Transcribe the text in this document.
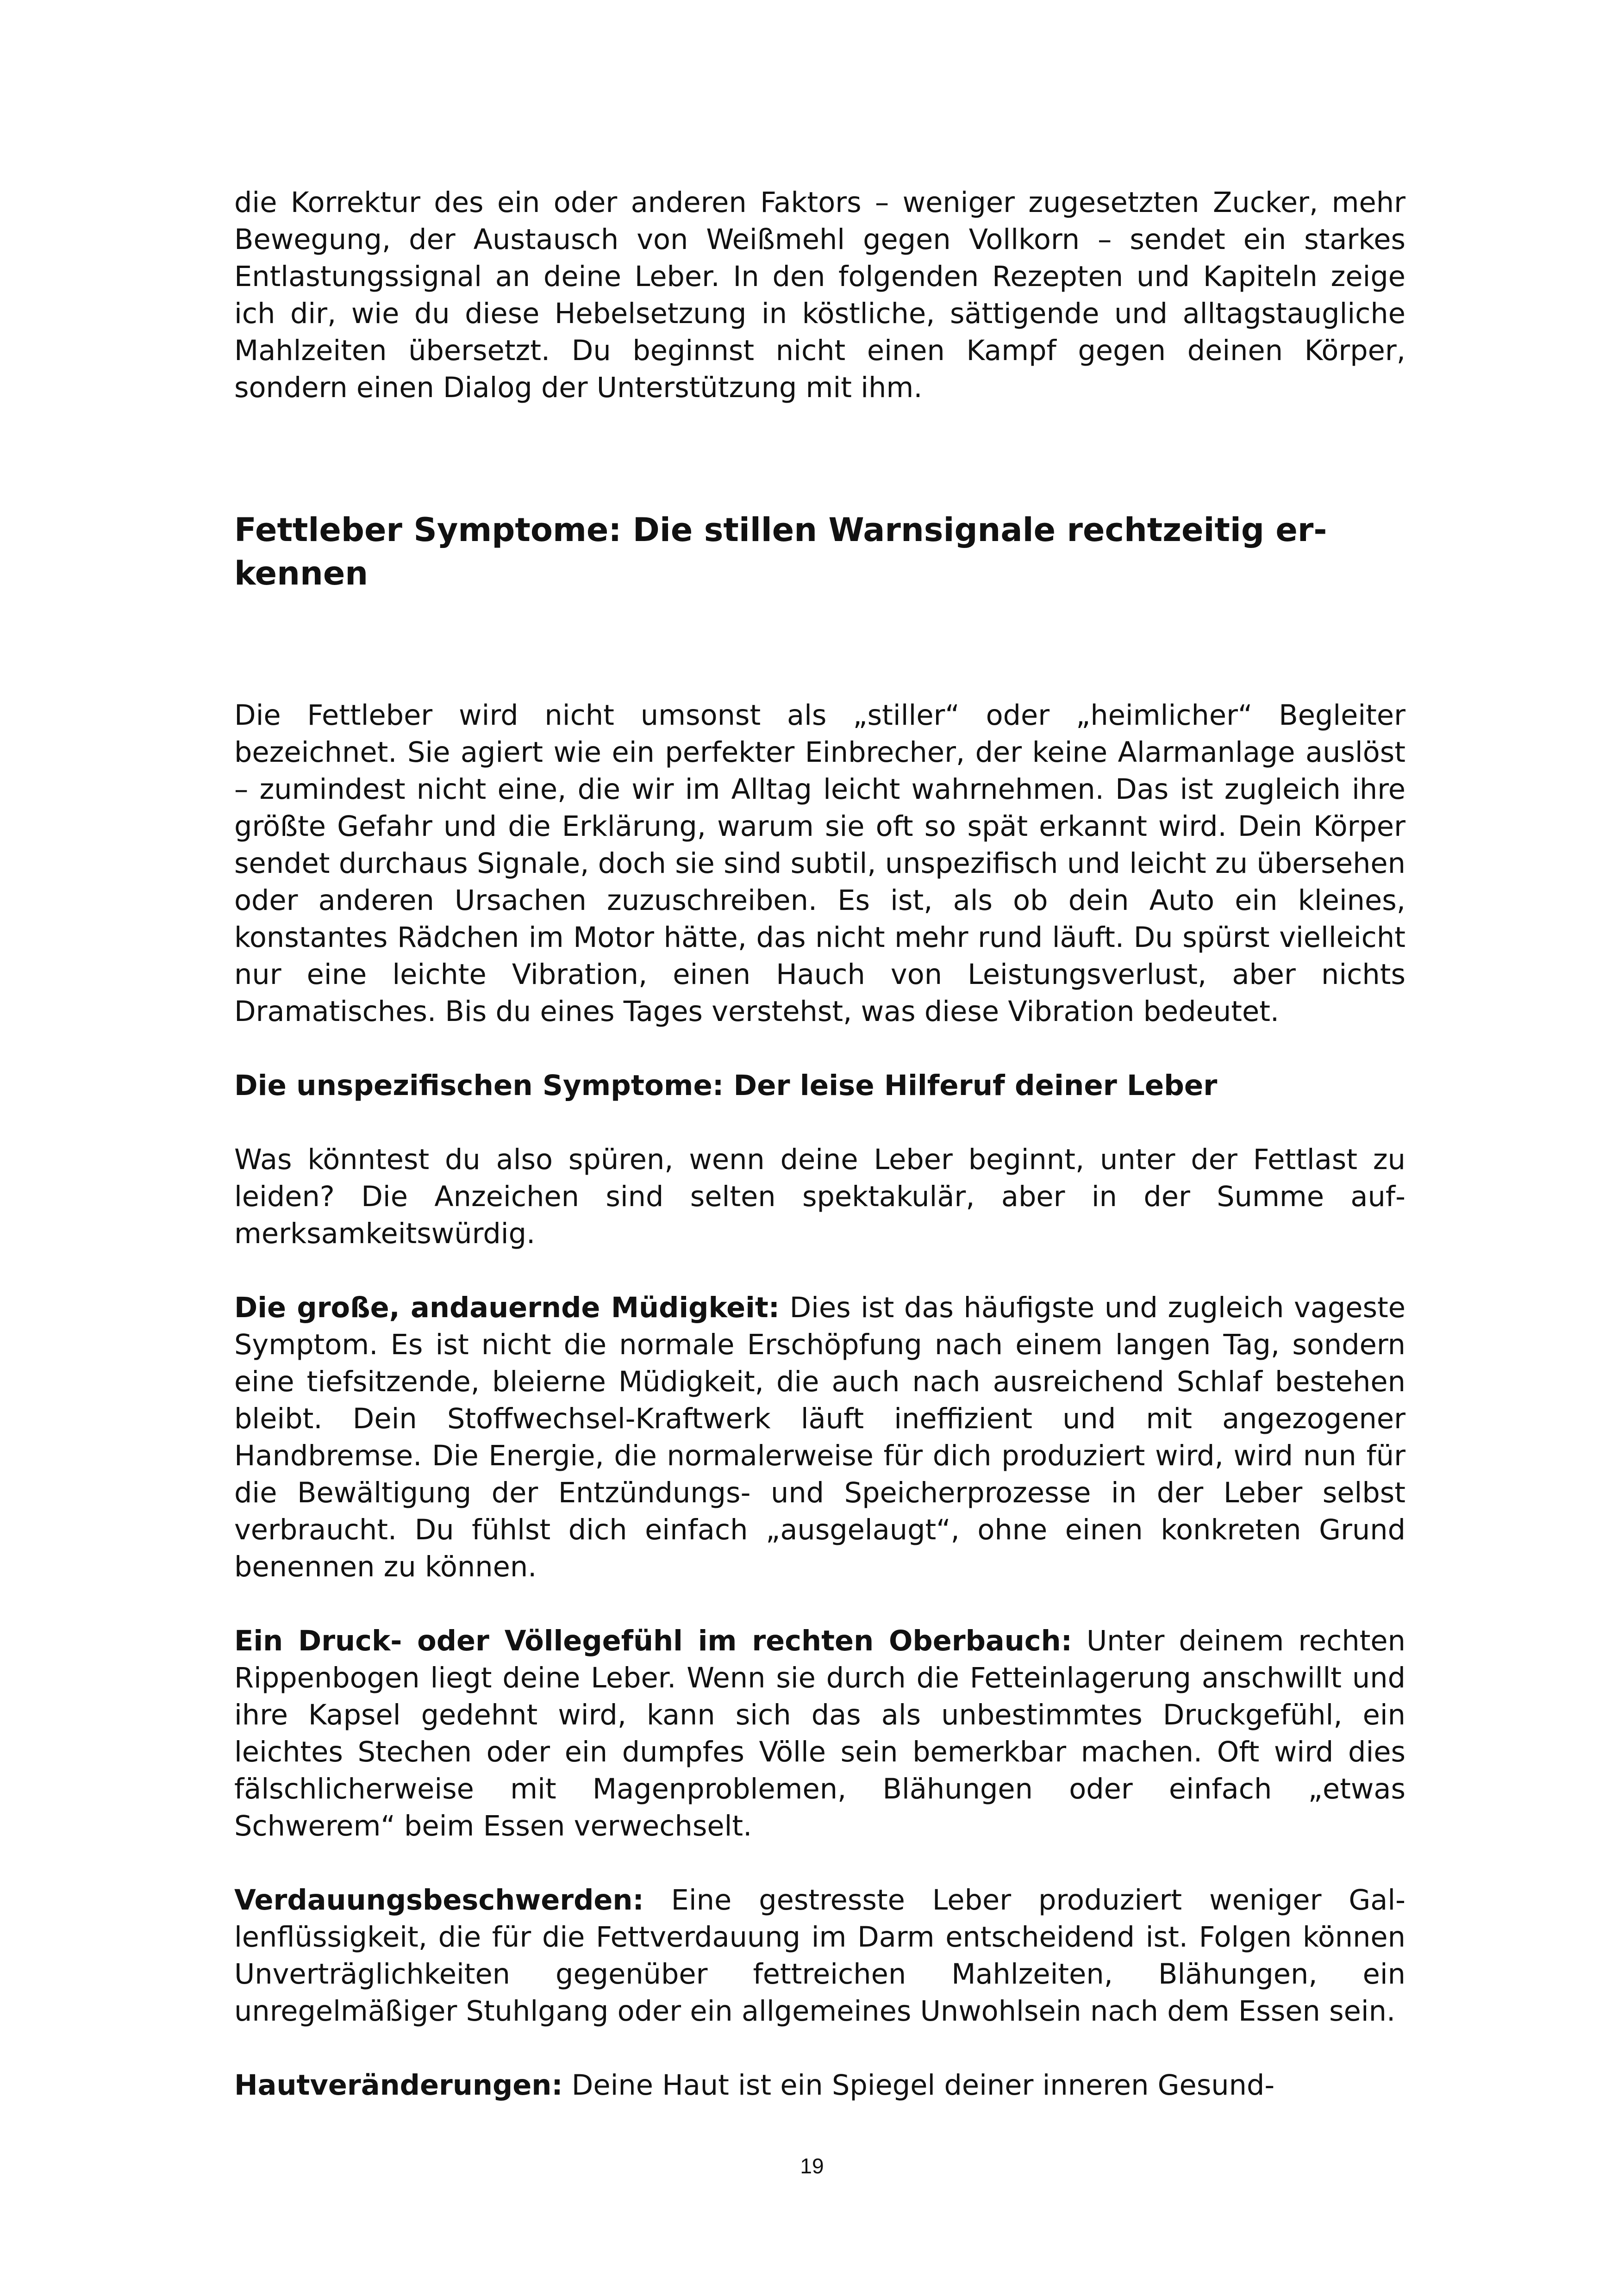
die Korrektur des ein oder anderen Faktors – weniger zugesetzten Zucker, mehr Bewegung, der Austausch von Weißmehl gegen Vollkorn – sendet ein starkes Entlastungssignal an deine Leber. In den folgenden Rezepten und Kapiteln zeige ich dir, wie du diese Hebelsetzung in köstliche, sättigende und alltagstaugliche Mahlzeiten übersetzt. Du beginnst nicht einen Kampf gegen deinen Körper, sondern einen Dialog der Unterstützung mit ihm.

Fettleber Symptome: Die stillen Warnsignale rechtzeitig erkennen

Die Fettleber wird nicht umsonst als „stiller“ oder „heimlicher“ Begleiter bezeichnet. Sie agiert wie ein perfekter Einbrecher, der keine Alarmanlage auslöst – zumindest nicht eine, die wir im Alltag leicht wahrnehmen. Das ist zugleich ihre größte Gefahr und die Erklärung, warum sie oft so spät erkannt wird. Dein Körper sendet durchaus Signale, doch sie sind subtil, unspezifisch und leicht zu übersehen oder anderen Ursachen zuzuschreiben. Es ist, als ob dein Auto ein kleines, konstantes Rädchen im Motor hätte, das nicht mehr rund läuft. Du spürst vielleicht nur eine leichte Vibration, einen Hauch von Leistungsverlust, aber nichts Dramatisches. Bis du eines Tages verstehst, was diese Vibration bedeutet.

Die unspezifischen Symptome: Der leise Hilferuf deiner Leber

Was könntest du also spüren, wenn deine Leber beginnt, unter der Fettlast zu leiden? Die Anzeichen sind selten spektakulär, aber in der Summe aufmerksamkeitswürdig.

Die große, andauernde Müdigkeit: Dies ist das häufigste und zugleich vageste Symptom. Es ist nicht die normale Erschöpfung nach einem langen Tag, sondern eine tiefsitzende, bleierne Müdigkeit, die auch nach ausreichend Schlaf bestehen bleibt. Dein Stoffwechsel-Kraftwerk läuft ineffizient und mit angezogener Handbremse. Die Energie, die normalerweise für dich produziert wird, wird nun für die Bewältigung der Entzündungs- und Speicherprozesse in der Leber selbst verbraucht. Du fühlst dich einfach „ausgelaugt“, ohne einen konkreten Grund benennen zu können.

Ein Druck- oder Völlegefühl im rechten Oberbauch: Unter deinem rechten Rippenbogen liegt deine Leber. Wenn sie durch die Fetteinlagerung anschwillt und ihre Kapsel gedehnt wird, kann sich das als unbestimmtes Druckgefühl, ein leichtes Stechen oder ein dumpfes Völle sein bemerkbar machen. Oft wird dies fälschlicherweise mit Magenproblemen, Blähungen oder einfach „etwas Schwerem“ beim Essen verwechselt.

Verdauungsbeschwerden: Eine gestresste Leber produziert weniger Gallenflüssigkeit, die für die Fettverdauung im Darm entscheidend ist. Folgen können Unverträglichkeiten gegenüber fettreichen Mahlzeiten, Blähungen, ein unregelmäßiger Stuhlgang oder ein allgemeines Unwohlsein nach dem Essen sein.

Hautveränderungen: Deine Haut ist ein Spiegel deiner inneren Gesund-

19
